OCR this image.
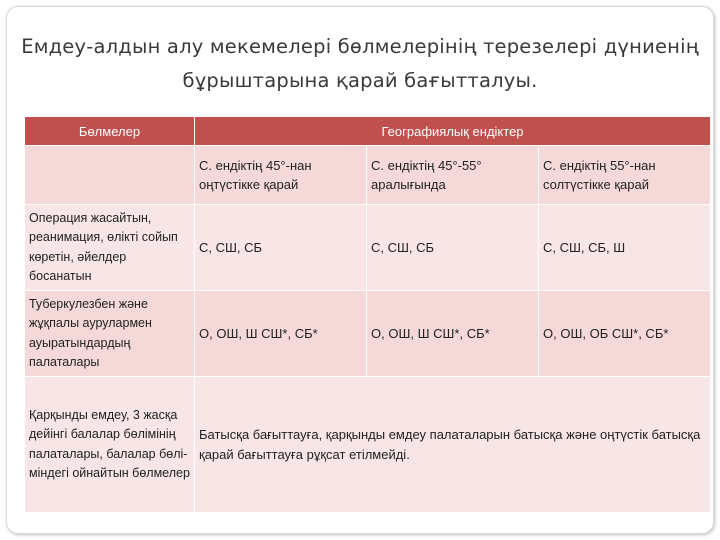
Емдеу-алдын алу мекемелері бөлмелерінің терезелері дүниенің бұрыштарына қарай бағытталуы.
Бөлмелер	Географиялық ендіктер		
	С. ендіктің 45°-нан оңтүстікке қарай	С. ендіктің 45°-55° аралығында	С. ендіктің 55°-нан солтүстікке қарай
Операция жасайтын, реанимация, өлікті сойып көретін, әйелдер босанатын	С, СШ, СБ	С, СШ, СБ	С, СШ, СБ, Ш
Туберкулезбен және жұқпалы аурулармен ауыратындардың палаталары	О, ОШ, Ш СШ*, СБ*	О, ОШ, Ш СШ*, СБ*	О, ОШ, ОБ СШ*, СБ*
Қарқынды емдеу, 3 жасқа дейінгі балалар бөлімінің палаталары, балалар бөлі-міндегі ойнайтын бөлмелер	Батысқа бағыттауға, қарқынды емдеу палаталарын батысқа және оңтүстік батысқа қарай бағыттауға рұқсат етілмейді.		
